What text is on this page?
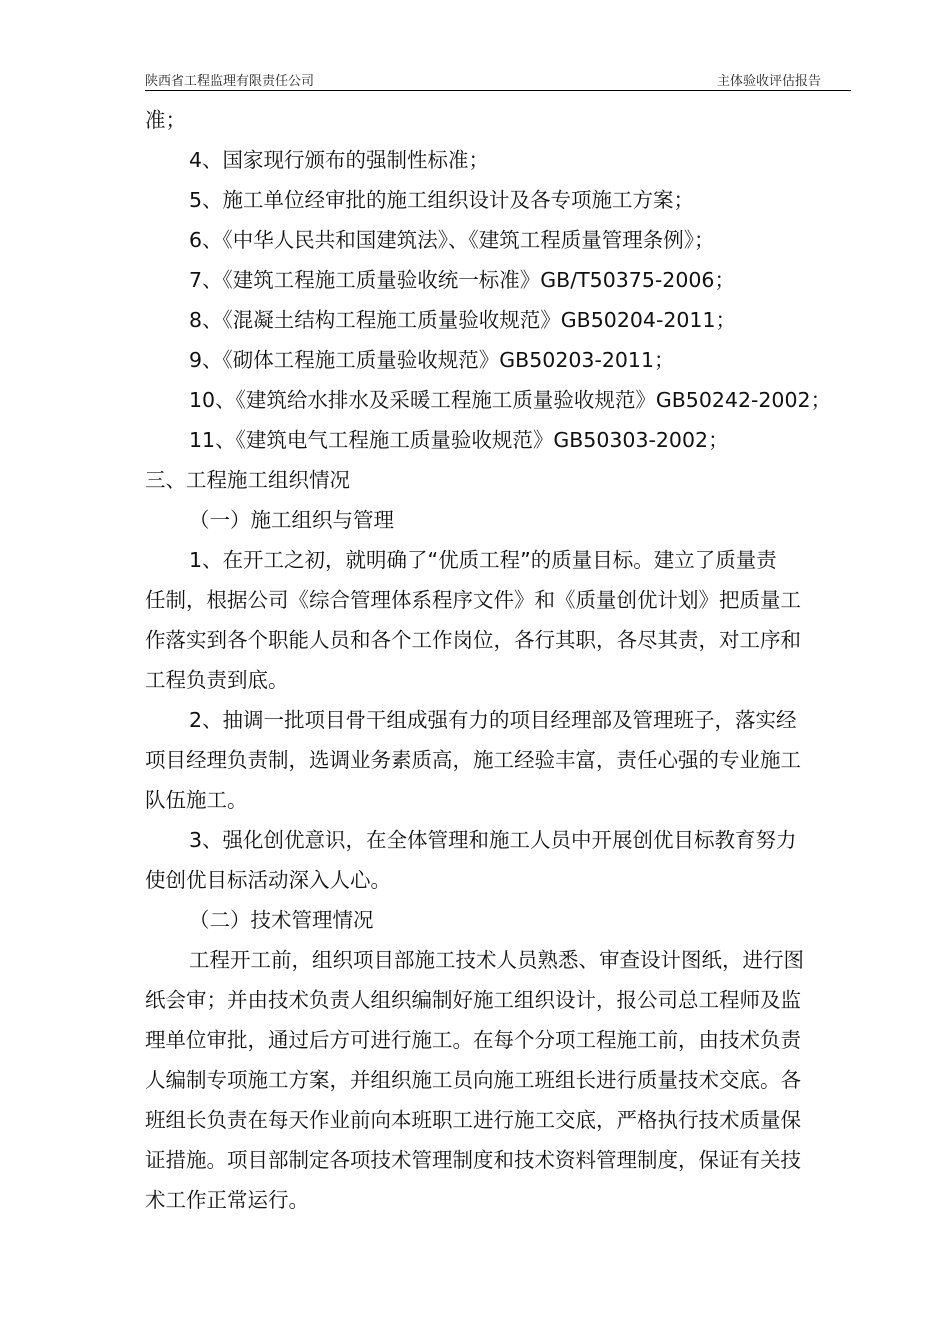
陕西省工程监理有限责任公司	主体验收评估报告
准；
4、国家现行颁布的强制性标准；
5、施工单位经审批的施工组织设计及各专项施工方案；
6、《中华人民共和国建筑法》、《建筑工程质量管理条例》；
7、《建筑工程施工质量验收统一标准》GB/T50375-2006；
8、《混凝土结构工程施工质量验收规范》GB50204-2011；
9、《砌体工程施工质量验收规范》GB50203-2011；
10、《建筑给水排水及采暖工程施工质量验收规范》GB50242-2002；
11、《建筑电气工程施工质量验收规范》GB50303-2002；
三、工程施工组织情况
（一）施工组织与管理
1、在开工之初，就明确了“优质工程”的质量目标。建立了质量责
任制，根据公司《综合管理体系程序文件》和《质量创优计划》把质量工
作落实到各个职能人员和各个工作岗位，各行其职，各尽其责，对工序和
工程负责到底。
2、抽调一批项目骨干组成强有力的项目经理部及管理班子，落实经
项目经理负责制，选调业务素质高，施工经验丰富，责任心强的专业施工
队伍施工。
3、强化创优意识，在全体管理和施工人员中开展创优目标教育努力
使创优目标活动深入人心。
（二）技术管理情况
工程开工前，组织项目部施工技术人员熟悉、审查设计图纸，进行图
纸会审；并由技术负责人组织编制好施工组织设计，报公司总工程师及监
理单位审批，通过后方可进行施工。在每个分项工程施工前，由技术负责
人编制专项施工方案，并组织施工员向施工班组长进行质量技术交底。各
班组长负责在每天作业前向本班职工进行施工交底，严格执行技术质量保
证措施。项目部制定各项技术管理制度和技术资料管理制度，保证有关技
术工作正常运行。
